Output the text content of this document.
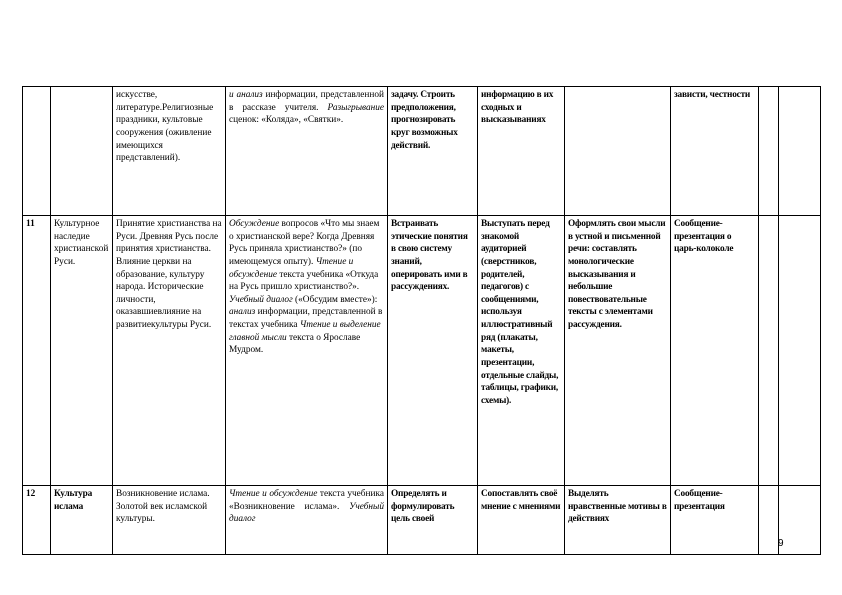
		искусстве, литературе.Религиозные праздники, культовые сооружения (оживление имеющихся представлений).	и анализ информации, представленной в рассказе учителя. Разыгрывание сценок: «Коляда», «Святки».	задачу. Строить предположения, прогнозировать круг возможных действий.	информацию в их сходных и высказываниях		зависти, честности		
11	Культурное наследие христианской Руси.	Принятие христианства на Руси. Древняя Русь после принятия христианства. Влияние церкви на образование, культуру народа. Исторические личности, оказавшиевлияние на развитиекультуры Руси.	Обсуждение вопросов «Что мы знаем о христианской вере? Когда Древняя Русь приняла христианство?» (по имеющемуся опыту). Чтение и обсуждение текста учебника «Откуда на Русь пришло христианство?». Учебный диалог («Обсудим вместе»): анализ информации, представленной в текстах учебника Чтение и выделение главной мысли текста о Ярославе Мудром.	Встраивать этические понятия в свою систему знаний, оперировать ими в рассуждениях.	Выступать перед знакомой аудиторией (сверстников, родителей, педагогов) с сообщениями, используя иллюстративный ряд (плакаты, макеты, презентации, отдельные слайды, таблицы, графики, схемы).	Оформлять свои мысли в устной и письменной речи: составлять монологические высказывания и небольшие повествовательные тексты с элементами рассуждения.	Сообщение-презентация о царь-колоколе		
12	Культура ислама	Возникновение ислама. Золотой век исламской культуры.	Чтение и обсуждение текста учебника «Возникновение ислама». Учебный диалог	Определять и формулировать цель своей	Сопоставлять своё мнение с мнениями	Выделять нравственные мотивы в действиях	Сообщение-презентация		
9
